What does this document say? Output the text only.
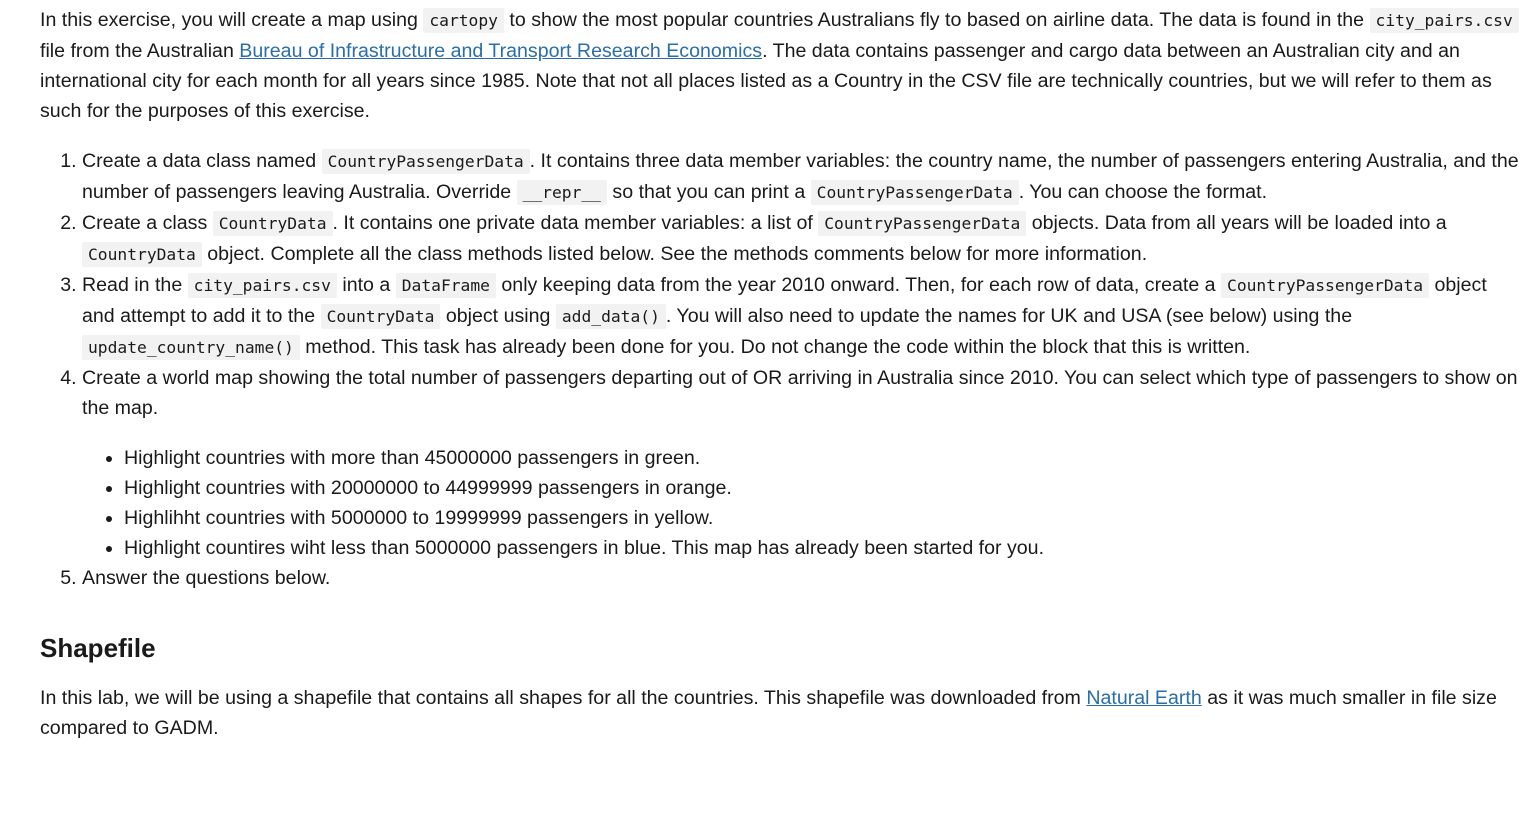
In this exercise, you will create a map using cartopy to show the most popular countries Australians fly to based on airline data. The data is found in the city_pairs.csv file from the Australian Bureau of Infrastructure and Transport Research Economics. The data contains passenger and cargo data between an Australian city and an international city for each month for all years since 1985. Note that not all places listed as a Country in the CSV file are technically countries, but we will refer to them as such for the purposes of this exercise.

1. Create a data class named CountryPassengerData . It contains three data member variables: the country name, the number of passengers entering Australia, and the number of passengers leaving Australia. Override __repr__ so that you can print a CountryPassengerData . You can choose the format.
2. Create a class CountryData . It contains one private data member variables: a list of CountryPassengerData objects. Data from all years will be loaded into a CountryData object. Complete all the class methods listed below. See the methods comments below for more information.
3. Read in the city_pairs.csv into a DataFrame only keeping data from the year 2010 onward. Then, for each row of data, create a CountryPassengerData object and attempt to add it to the CountryData object using add_data() . You will also need to update the names for UK and USA (see below) using the update_country_name() method. This task has already been done for you. Do not change the code within the block that this is written.
4. Create a world map showing the total number of passengers departing out of OR arriving in Australia since 2010. You can select which type of passengers to show on the map.
• Highlight countries with more than 45000000 passengers in green.
• Highlight countries with 20000000 to 44999999 passengers in orange.
• Highlihht countries with 5000000 to 19999999 passengers in yellow.
• Highlight countires wiht less than 5000000 passengers in blue. This map has already been started for you.
5. Answer the questions below.
Shapefile

In this lab, we will be using a shapefile that contains all shapes for all the countries. This shapefile was downloaded from Natural Earth as it was much smaller in file size compared to GADM.
